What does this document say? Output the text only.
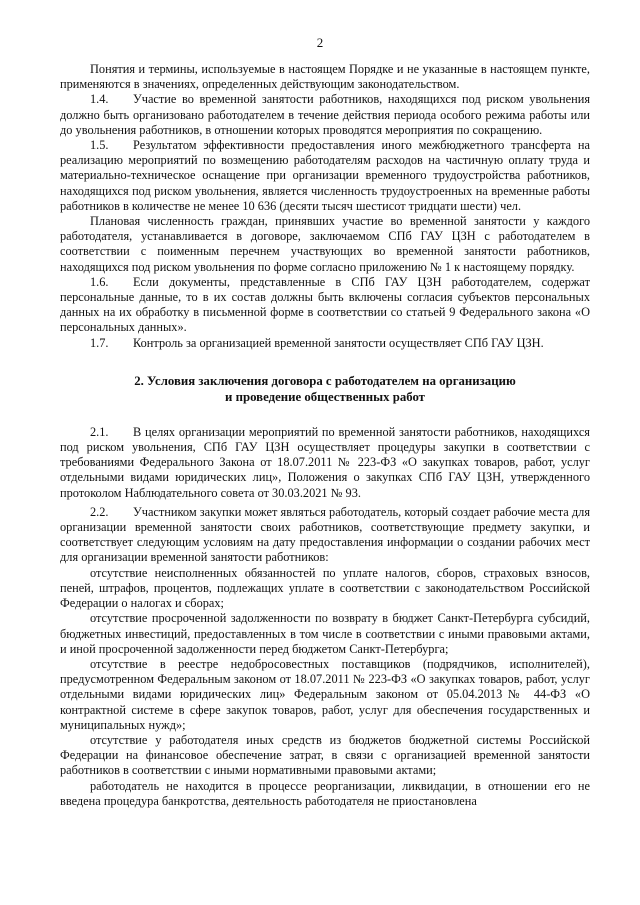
2

Понятия и термины, используемые в настоящем Порядке и не указанные в настоящем пункте, применяются в значениях, определенных действующим законодательством.

1.4. Участие во временной занятости работников, находящихся под риском увольнения должно быть организовано работодателем в течение действия периода особого режима работы или до увольнения работников, в отношении которых проводятся мероприятия по сокращению.

1.5. Результатом эффективности предоставления иного межбюджетного трансферта на реализацию мероприятий по возмещению работодателям расходов на частичную оплату труда и материально-техническое оснащение при организации временного трудоустройства работников, находящихся под риском увольнения, является численность трудоустроенных на временные работы работников в количестве не менее 10 636 (десяти тысяч шестисот тридцати шести) чел.

Плановая численность граждан, принявших участие во временной занятости у каждого работодателя, устанавливается в договоре, заключаемом СПб ГАУ ЦЗН с работодателем в соответствии с поименным перечнем участвующих во временной занятости работников, находящихся под риском увольнения по форме согласно приложению № 1 к настоящему порядку.

1.6. Если документы, представленные в СПб ГАУ ЦЗН работодателем, содержат персональные данные, то в их состав должны быть включены согласия субъектов персональных данных на их обработку в письменной форме в соответствии со статьей 9 Федерального закона «О персональных данных».

1.7. Контроль за организацией временной занятости осуществляет СПб ГАУ ЦЗН.

2. Условия заключения договора с работодателем на организацию
и проведение общественных работ

2.1. В целях организации мероприятий по временной занятости работников, находящихся под риском увольнения, СПб ГАУ ЦЗН осуществляет процедуры закупки в соответствии с требованиями Федерального Закона от 18.07.2011 № 223-ФЗ «О закупках товаров, работ, услуг отдельными видами юридических лиц», Положения о закупках СПб ГАУ ЦЗН, утвержденного протоколом Наблюдательного совета от 30.03.2021 № 93.

2.2. Участником закупки может являться работодатель, который создает рабочие места для организации временной занятости своих работников, соответствующие предмету закупки, и соответствует следующим условиям на дату предоставления информации о создании рабочих мест для организации временной занятости работников:

отсутствие неисполненных обязанностей по уплате налогов, сборов, страховых взносов, пеней, штрафов, процентов, подлежащих уплате в соответствии с законодательством Российской Федерации о налогах и сборах;

отсутствие просроченной задолженности по возврату в бюджет Санкт-Петербурга субсидий, бюджетных инвестиций, предоставленных в том числе в соответствии с иными правовыми актами, и иной просроченной задолженности перед бюджетом Санкт-Петербурга;

отсутствие в реестре недобросовестных поставщиков (подрядчиков, исполнителей), предусмотренном Федеральным законом от 18.07.2011 № 223-ФЗ «О закупках товаров, работ, услуг отдельными видами юридических лиц» Федеральным законом от 05.04.2013№ 44-ФЗ «О контрактной системе в сфере закупок товаров, работ, услуг для обеспечения государственных и муниципальных нужд»;

отсутствие у работодателя иных средств из бюджетов бюджетной системы Российской Федерации на финансовое обеспечение затрат, в связи с организацией временной занятости работников в соответствии с иными нормативными правовыми актами;

работодатель не находится в процессе реорганизации, ликвидации, в отношении его не введена процедура банкротства, деятельность работодателя не приостановлена
